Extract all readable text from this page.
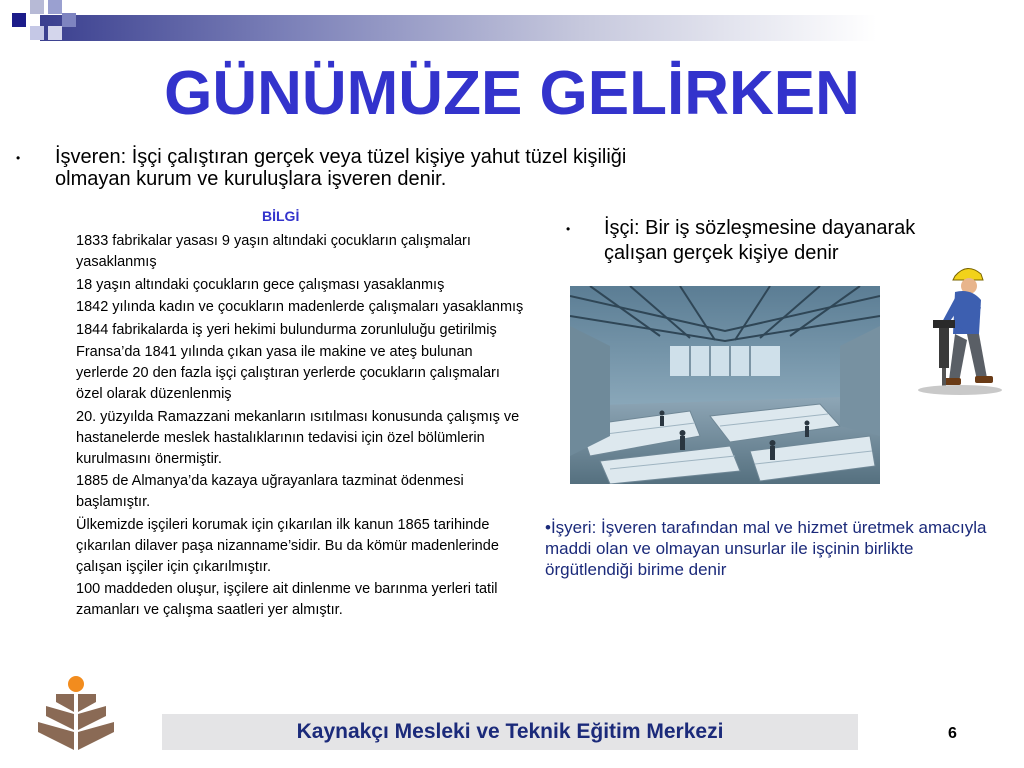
GÜNÜMÜZE GELİRKEN
• İşveren: İşçi çalıştıran gerçek veya tüzel kişiye yahut tüzel kişiliği olmayan kurum ve kuruluşlara işveren denir.
BİLGİ

1833 fabrikalar yasası 9 yaşın altındaki çocukların çalışmaları yasaklanmış

18 yaşın altındaki çocukların gece çalışması yasaklanmış

1842 yılında kadın ve çocukların madenlerde çalışmaları yasaklanmış

1844 fabrikalarda iş yeri hekimi bulundurma zorunluluğu getirilmiş

Fransa’da 1841 yılında çıkan yasa ile makine ve ateş bulunan yerlerde 20 den fazla işçi çalıştıran yerlerde çocukların çalışmaları özel olarak düzenlenmiş

20. yüzyılda Ramazzani mekanların ısıtılması konusunda çalışmış ve hastanelerde meslek hastalıklarının tedavisi için özel bölümlerin kurulmasını önermiştir.

1885 de Almanya’da kazaya uğrayanlara tazminat ödenmesi başlamıştır.

Ülkemizde işçileri korumak için çıkarılan ilk kanun 1865 tarihinde çıkarılan dilaver paşa nizanname’sidir. Bu da kömür madenlerinde çalışan işçiler için çıkarılmıştır.

100 maddeden oluşur, işçilere ait dinlenme ve barınma yerleri tatil zamanları ve çalışma saatleri yer almıştır.

• İşçi: Bir iş sözleşmesine dayanarak çalışan gerçek kişiye denir
•İşyeri: İşveren tarafından mal ve hizmet üretmek amacıyla maddi olan ve olmayan unsurlar ile işçinin birlikte örgütlendiği birime denir
Kaynakçı Mesleki ve Teknik Eğitim Merkezi	6
